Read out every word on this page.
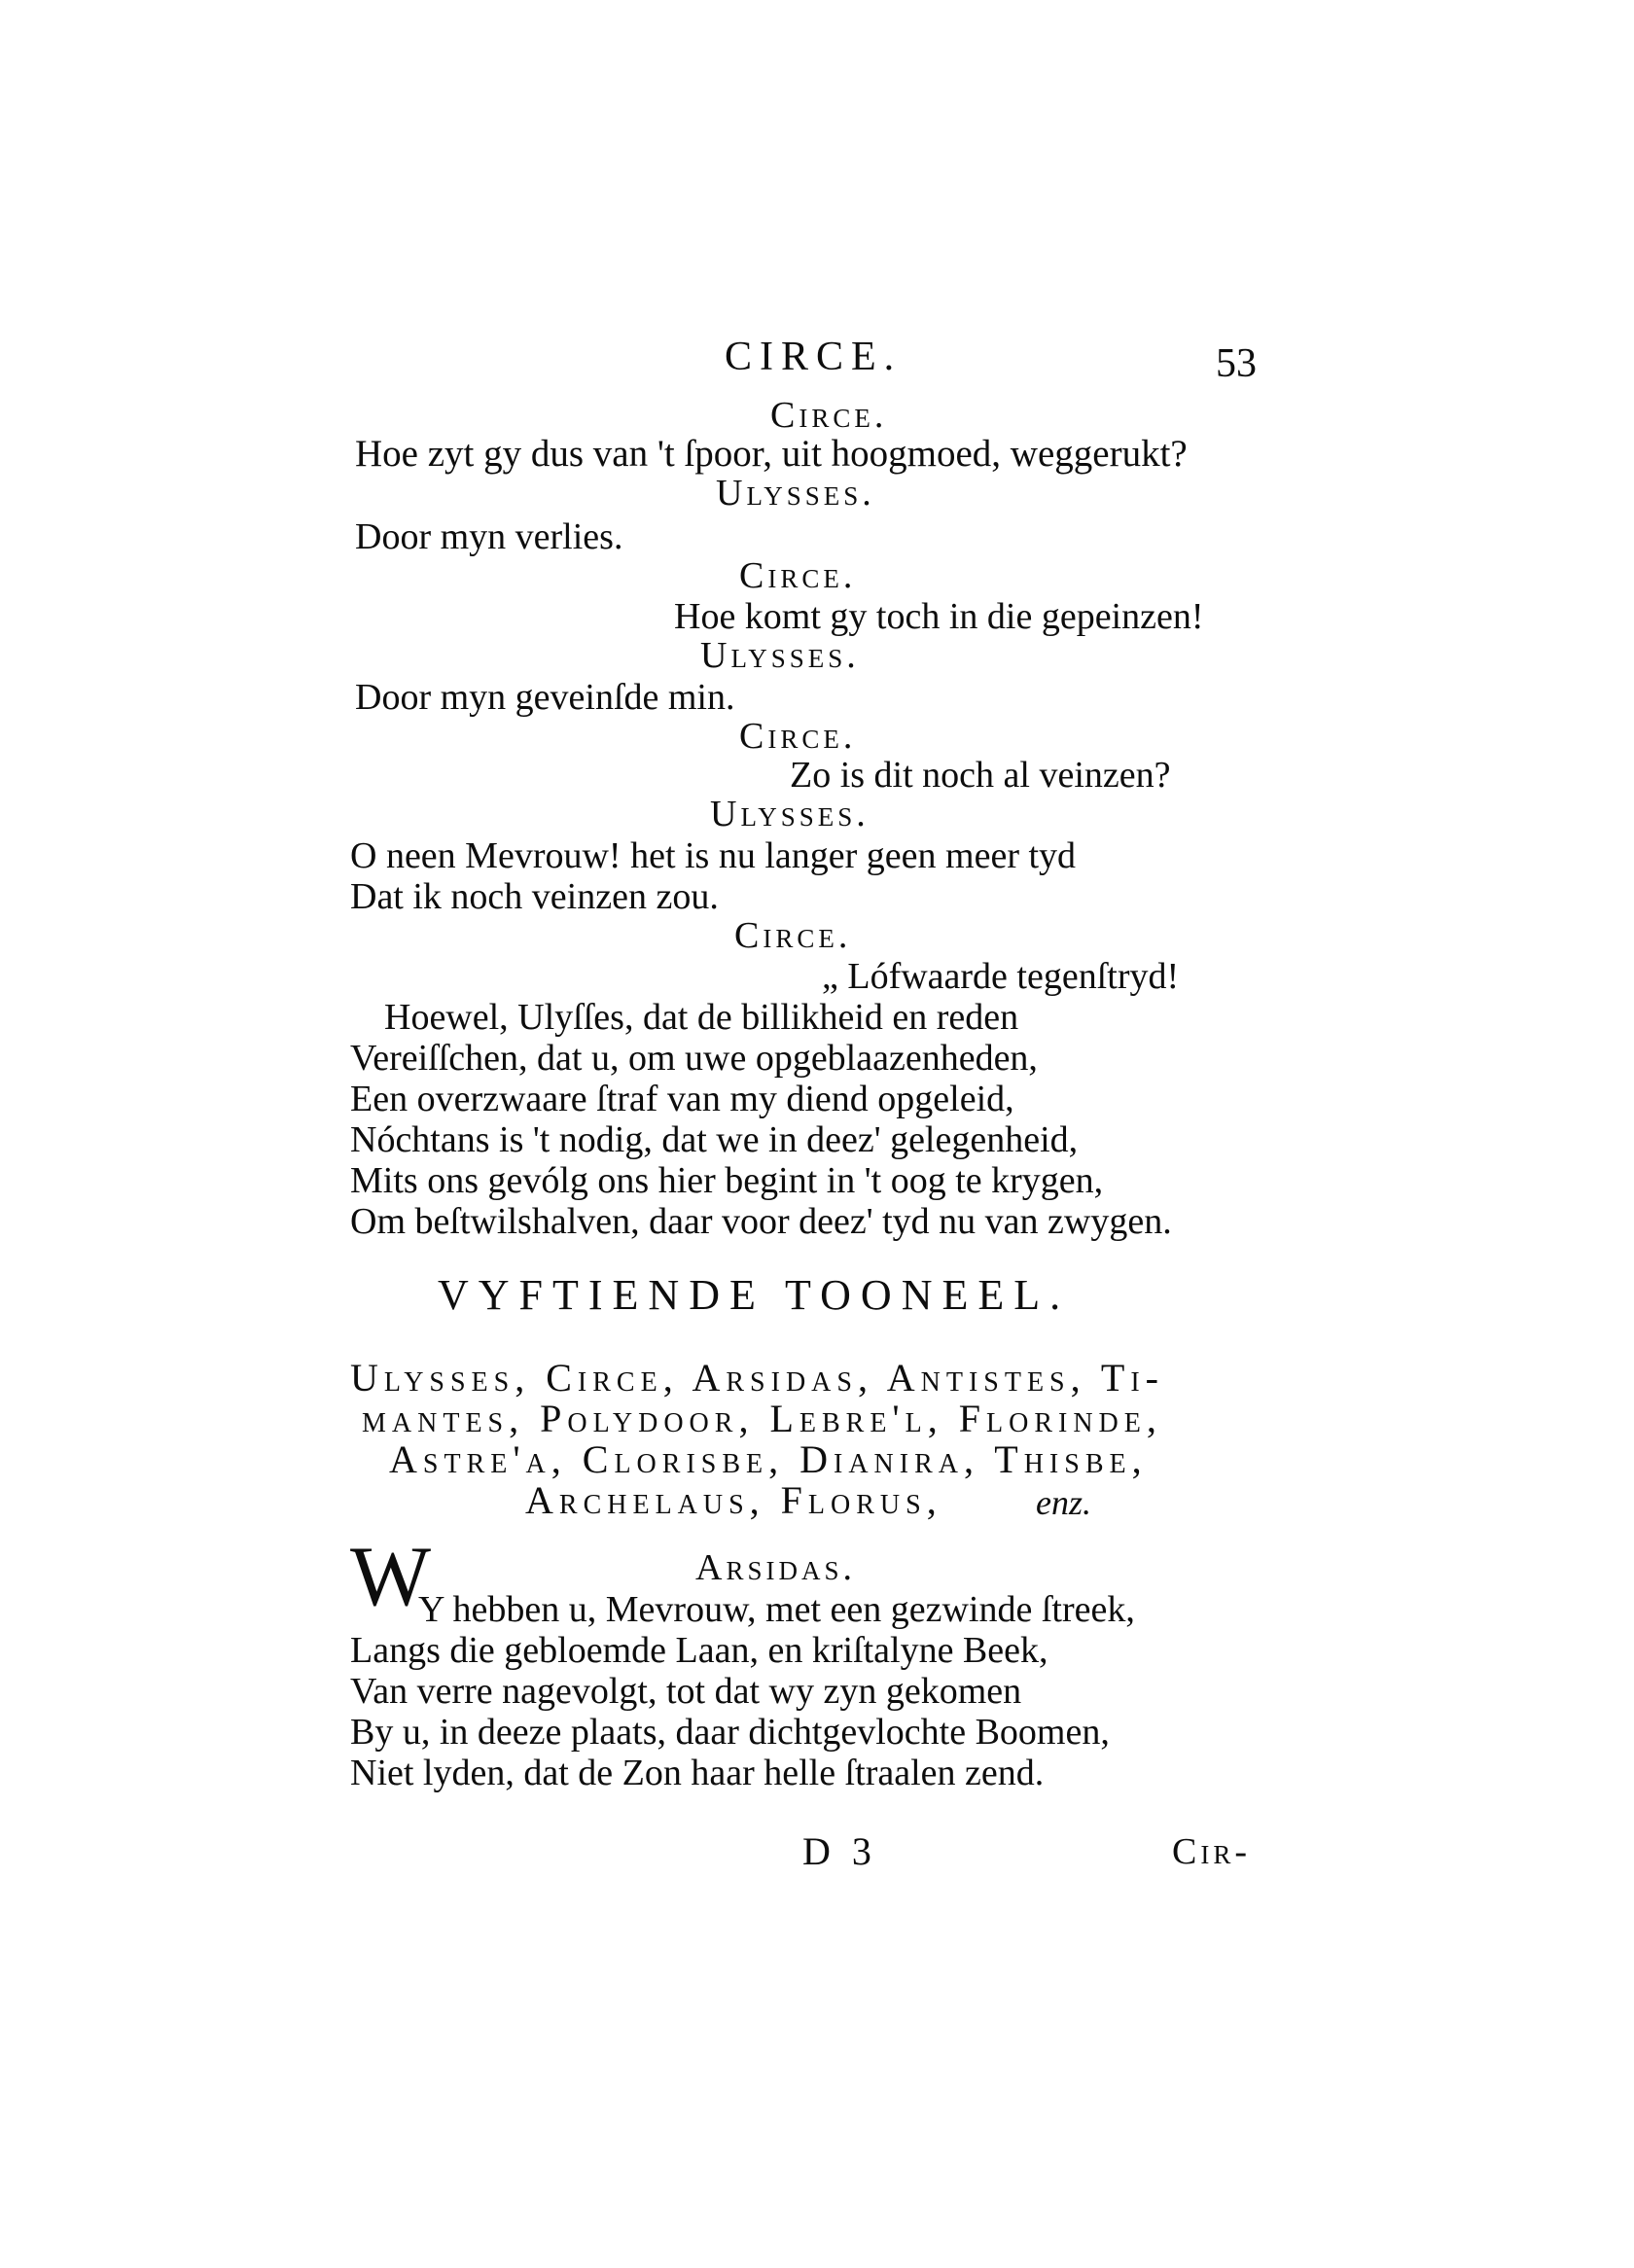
CIRCE.	53
Circe.
Hoe zyt gy dus van 't ſpoor, uit hoogmoed, weggerukt?
Ulysses.
Door myn verlies.
Circe.
Hoe komt gy toch in die gepeinzen!
Ulysses.
Door myn geveinſde min.
Circe.
Zo is dit noch al veinzen?
Ulysses.
O neen Mevrouw! het is nu langer geen meer tyd
Dat ik noch veinzen zou.
Circe.
„ Lófwaarde tegenſtryd!
Hoewel, Ulyſſes, dat de billikheid en reden
Vereiſſchen, dat u, om uwe opgeblaazenheden,
Een overzwaare ſtraf van my diend opgeleid,
Nóchtans is 't nodig, dat we in deez' gelegenheid,
Mits ons gevólg ons hier begint in 't oog te krygen,
Om beſtwilshalven, daar voor deez' tyd nu van zwygen.
VYFTIENDE TOONEEL.
Ulysses, Circe, Arsidas, Antistes, Ti-
mantes, Polydoor, Lebre'l, Florinde,
Astre'a, Clorisbe, Dianira, Thisbe,
Archelaus, Florus,	enz.
W	Arsidas.
Y hebben u, Mevrouw, met een gezwinde ſtreek,
Langs die gebloemde Laan, en kriſtalyne Beek,
Van verre nagevolgt, tot dat wy zyn gekomen
By u, in deeze plaats, daar dichtgevlochte Boomen,
Niet lyden, dat de Zon haar helle ſtraalen zend.
D 3	Cir-
